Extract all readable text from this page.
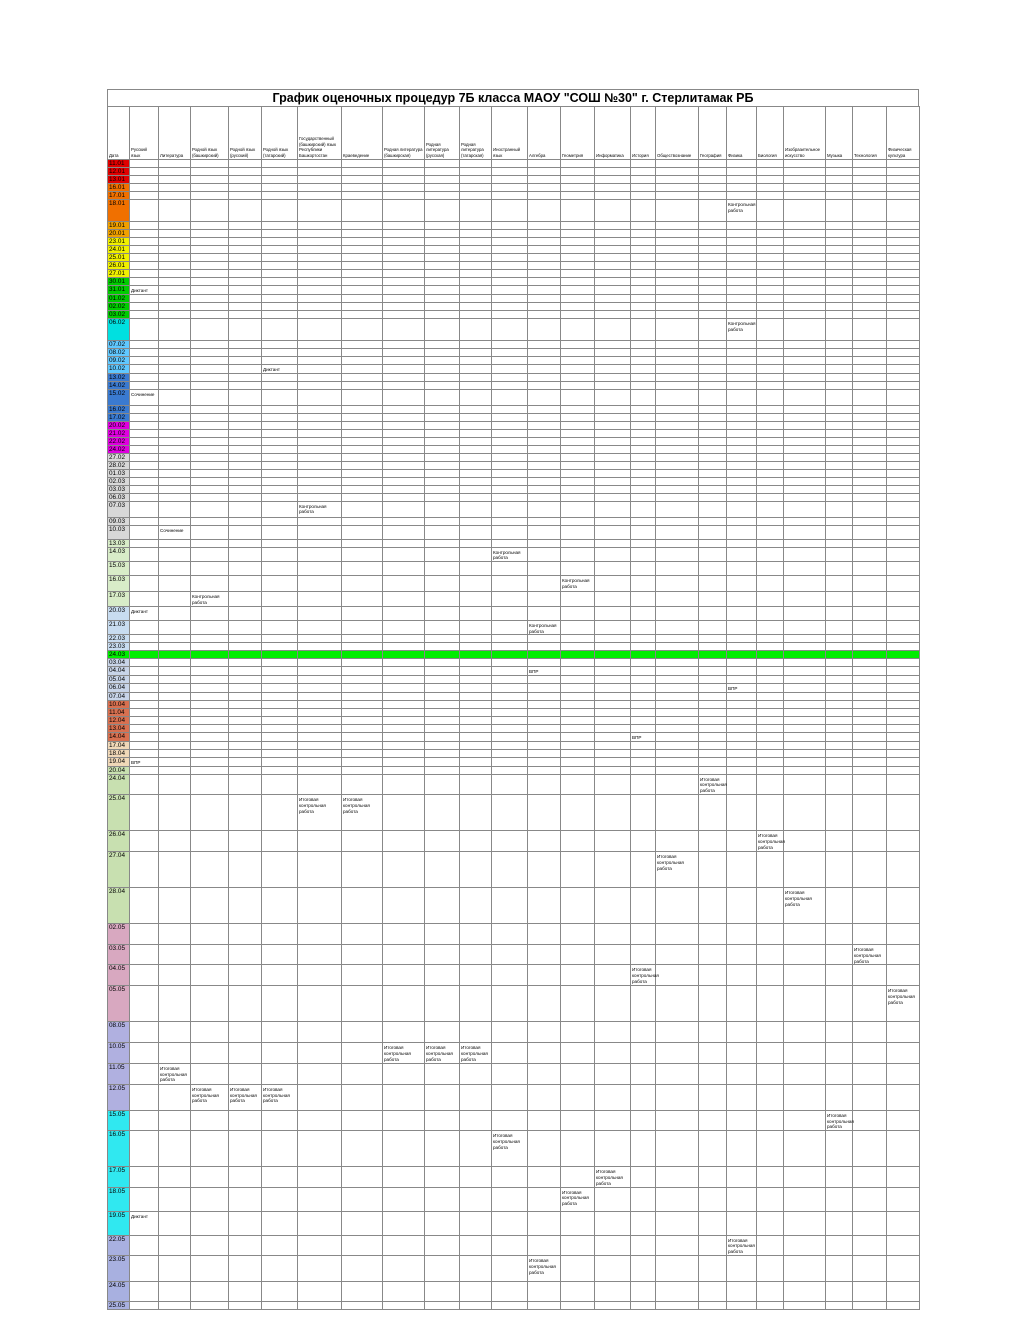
График оценочных процедур 7Б класса МАОУ "СОШ №30" г. Стерлитамак РБ
Дата	Русский язык	Литература	Родной язык (башкирский)	Родной язык (русский)	Родной язык (татарский)	Государственный (башкирский) язык Республики Башкортостан	Краеведение	Родная литература (башкирская)	Родная литература (русская)	Родная литература (татарская)	Иностранный язык	Алгебра	Геометрия	Информатика	История	Обществознание	География	Физика	Биология	Изобразительное искусство	Музыка	Технология	Физическая культура
11.01																							
12.01																							
13.01																							
16.01																							
17.01																							
18.01																		Контрольная работа					

19.01																							
20.01																							
23.01																							
24.01																							
25.01																							
26.01																							
27.01																							
30.01																							
31.01	Диктант																						

01.02																							
02.02																							
03.02																							
06.02																		Контрольная работа					

07.02																							
08.02																							
09.02																							
10.02					Диктант																		

13.02																							
14.02																							
15.02	Сочинение																						

16.02																							
17.02																							
20.02																							
21.02																							
22.02																							
24.02																							
27.02																							
28.02																							
01.03																							
02.03																							
03.03																							
06.03																							
07.03						Контрольная работа																	

09.03																							
10.03		Сочинение																					

13.03																							
14.03											Контрольная работа												

15.03																							
16.03													Контрольная работа										

17.03			Контрольная работа																				

20.03	Диктант																						

21.03												Контрольная работа											

22.03																							
23.03																							
24.03																							
03.04																							
04.04												ВПР											

05.04																							
06.04																		ВПР					

07.04																							
10.04																							
11.04																							
12.04																							
13.04																							
14.04															ВПР								

17.04																							
18.04																							
19.04	ВПР																						

20.04																							
24.04																	Итоговая контрольная работа						

25.04						Итоговая контрольная работа	Итоговая контрольная работа																

26.04																			Итоговая контрольная работа				

27.04																Итоговая контрольная работа							

28.04																				Итоговая контрольная работа			

02.05																							
03.05																						Итоговая контрольная работа	

04.05															Итоговая контрольная работа								

05.05																							Итоговая контрольная работа

08.05																							
10.05								Итоговая контрольная работа	Итоговая контрольная работа	Итоговая контрольная работа													

11.05		Итоговая контрольная работа																					

12.05			Итоговая контрольная работа	Итоговая контрольная работа	Итоговая контрольная работа																		

15.05																					Итоговая контрольная работа		

16.05											Итоговая контрольная работа												

17.05														Итоговая контрольная работа									

18.05													Итоговая контрольная работа										

19.05	Диктант																						

22.05																		Итоговая контрольная работа					

23.05												Итоговая контрольная работа											

24.05																							
25.05																							
